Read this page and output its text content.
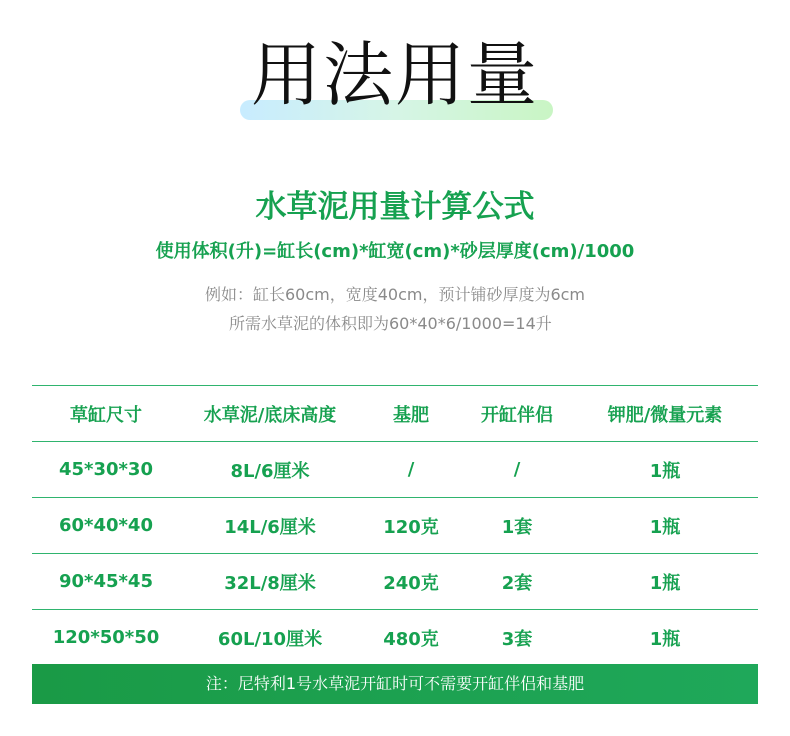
用法用量
水草泥用量计算公式
使用体积(升)=缸长(cm)*缸宽(cm)*砂层厚度(cm)/1000
例如：缸长60cm，宽度40cm，预计铺砂厚度为6cm
所需水草泥的体积即为60*40*6/1000=14升
草缸尺寸	水草泥/底床高度	基肥	开缸伴侣	钾肥/微量元素
45*30*30	8L/6厘米	/	/	1瓶
60*40*40	14L/6厘米	120克	1套	1瓶
90*45*45	32L/8厘米	240克	2套	1瓶
120*50*50	60L/10厘米	480克	3套	1瓶
注：尼特利1号水草泥开缸时可不需要开缸伴侣和基肥
